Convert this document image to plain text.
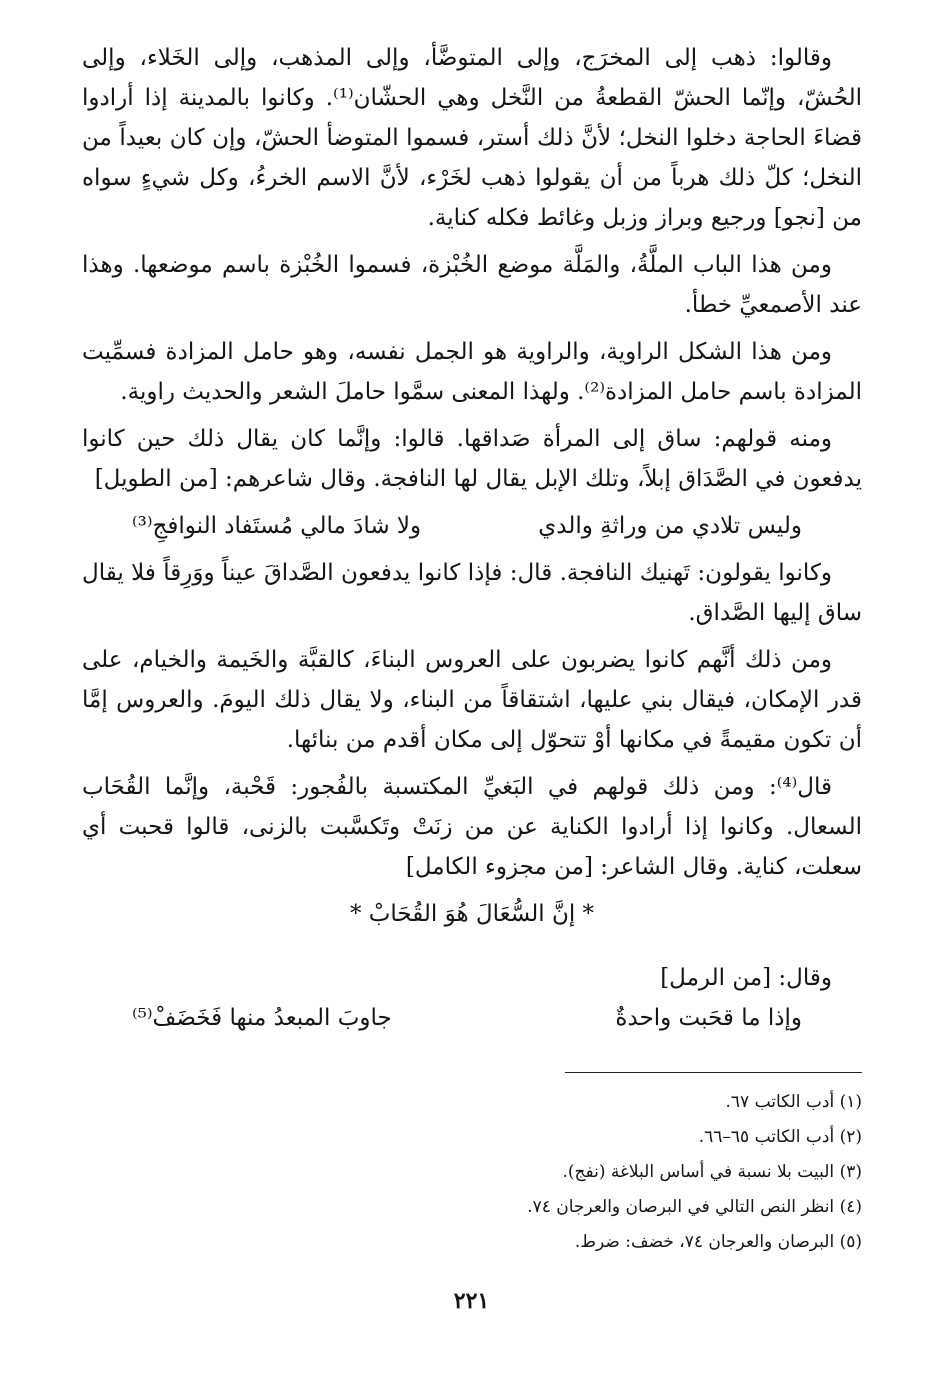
وقالوا: ذهب إلى المخرَج، وإلى المتوضَّأ، وإلى المذهب، وإلى الخَلاء، وإلى الحُشّ، وإنّما الحشّ القطعةُ من النَّخل وهي الحشّان⁽¹⁾. وكانوا بالمدينة إذا أرادوا قضاءَ الحاجة دخلوا النخل؛ لأنَّ ذلك أستر، فسموا المتوضأ الحشّ، وإن كان بعيداً من النخل؛ كلّ ذلك هرباً من أن يقولوا ذهب لخَرْء، لأنَّ الاسم الخرءُ، وكل شيءٍ سواه من [نجو] ورجيع وبراز وزبل وغائط فكله كناية.

ومن هذا الباب الملَّةُ، والمَلَّة موضع الخُبْزة، فسموا الخُبْزة باسم موضعها. وهذا عند الأصمعيِّ خطأ.

ومن هذا الشكل الراوية، والراوية هو الجمل نفسه، وهو حامل المزادة فسمِّيت المزادة باسم حامل المزادة⁽²⁾. ولهذا المعنى سمَّوا حاملَ الشعر والحديث راوية.

ومنه قولهم: ساق إلى المرأة صَداقها. قالوا: وإنَّما كان يقال ذلك حين كانوا يدفعون في الصَّدَاق إبلاً، وتلك الإبل يقال لها النافجة. وقال شاعرهم: [من الطويل]

وليس تلادي من وراثةِ والدي
ولا شادَ مالي مُستَفاد النوافجِ⁽³⁾

وكانوا يقولون: تَهنيك النافجة. قال: فإذا كانوا يدفعون الصَّداقَ عيناً ووَرِقاً فلا يقال ساق إليها الصَّداق.

ومن ذلك أنَّهم كانوا يضربون على العروس البناءَ، كالقبَّة والخَيمة والخيام، على قدر الإمكان، فيقال بني عليها، اشتقاقاً من البناء، ولا يقال ذلك اليومَ. والعروس إمَّا أن تكون مقيمةً في مكانها أوْ تتحوّل إلى مكان أقدم من بنائها.

قال⁽⁴⁾: ومن ذلك قولهم في البَغيِّ المكتسبة بالفُجور: قَحْبة، وإنَّما القُحَاب السعال. وكانوا إذا أرادوا الكناية عن من زنَتْ وتَكسَّبت بالزنى، قالوا قحبت أي سعلت، كناية. وقال الشاعر: [من مجزوء الكامل]

* إنَّ السُّعَالَ هُوَ القُحَابْ *

وقال: [من الرمل]

وإذا ما قحَبت واحدةٌ
جاوبَ المبعدُ منها فَخَضَفْ⁽⁵⁾

(١) أدب الكاتب ٦٧.

(٢) أدب الكاتب ٦٥–٦٦.

(٣) البيت بلا نسبة في أساس البلاغة (نفج).

(٤) انظر النص التالي في البرصان والعرجان ٧٤.

(٥) البرصان والعرجان ٧٤، خضف: ضرط.

٢٢١
